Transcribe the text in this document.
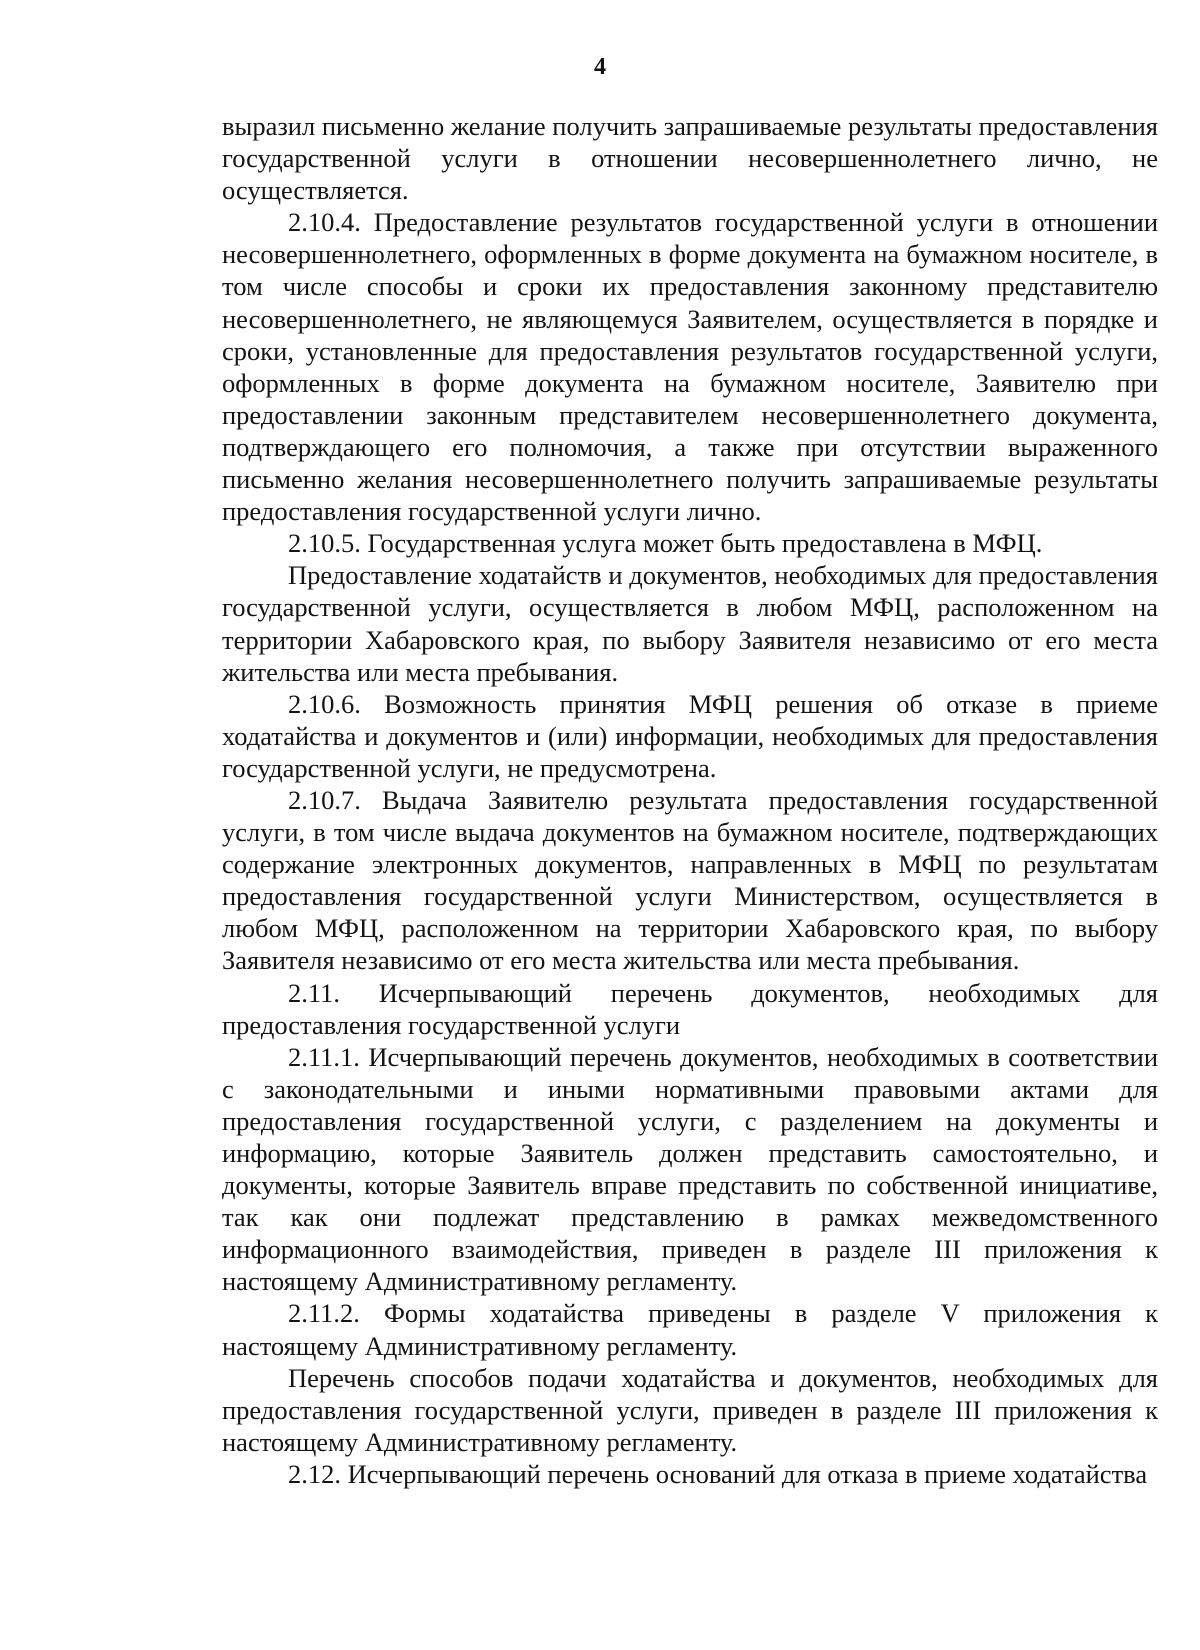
4

выразил письменно желание получить запрашиваемые результаты предоставления государственной услуги в отношении несовершеннолетнего лично, не осуществляется.

2.10.4. Предоставление результатов государственной услуги в отношении несовершеннолетнего, оформленных в форме документа на бумажном носителе, в том числе способы и сроки их предоставления законному представителю несовершеннолетнего, не являющемуся Заявителем, осуществляется в порядке и сроки, установленные для предоставления результатов государственной услуги, оформленных в форме документа на бумажном носителе, Заявителю при предоставлении законным представителем несовершеннолетнего документа, подтверждающего его полномочия, а также при отсутствии выраженного письменно желания несовершеннолетнего получить запрашиваемые результаты предоставления государственной услуги лично.

2.10.5. Государственная услуга может быть предоставлена в МФЦ.

Предоставление ходатайств и документов, необходимых для предоставления государственной услуги, осуществляется в любом МФЦ, расположенном на территории Хабаровского края, по выбору Заявителя независимо от его места жительства или места пребывания.

2.10.6. Возможность принятия МФЦ решения об отказе в приеме ходатайства и документов и (или) информации, необходимых для предоставления государственной услуги, не предусмотрена.

2.10.7. Выдача Заявителю результата предоставления государственной услуги, в том числе выдача документов на бумажном носителе, подтверждающих содержание электронных документов, направленных в МФЦ по результатам предоставления государственной услуги Министерством, осуществляется в любом МФЦ, расположенном на территории Хабаровского края, по выбору Заявителя независимо от его места жительства или места пребывания.

2.11. Исчерпывающий перечень документов, необходимых для предоставления государственной услуги

2.11.1. Исчерпывающий перечень документов, необходимых в соответствии с законодательными и иными нормативными правовыми актами для предоставления государственной услуги, с разделением на документы и информацию, которые Заявитель должен представить самостоятельно, и документы, которые Заявитель вправе представить по собственной инициативе, так как они подлежат представлению в рамках межведомственного информационного взаимодействия, приведен в разделе III приложения к настоящему Административному регламенту.

2.11.2. Формы ходатайства приведены в разделе V приложения к настоящему Административному регламенту.

Перечень способов подачи ходатайства и документов, необходимых для предоставления государственной услуги, приведен в разделе III приложения к настоящему Административному регламенту.

2.12. Исчерпывающий перечень оснований для отказа в приеме ходатайства
